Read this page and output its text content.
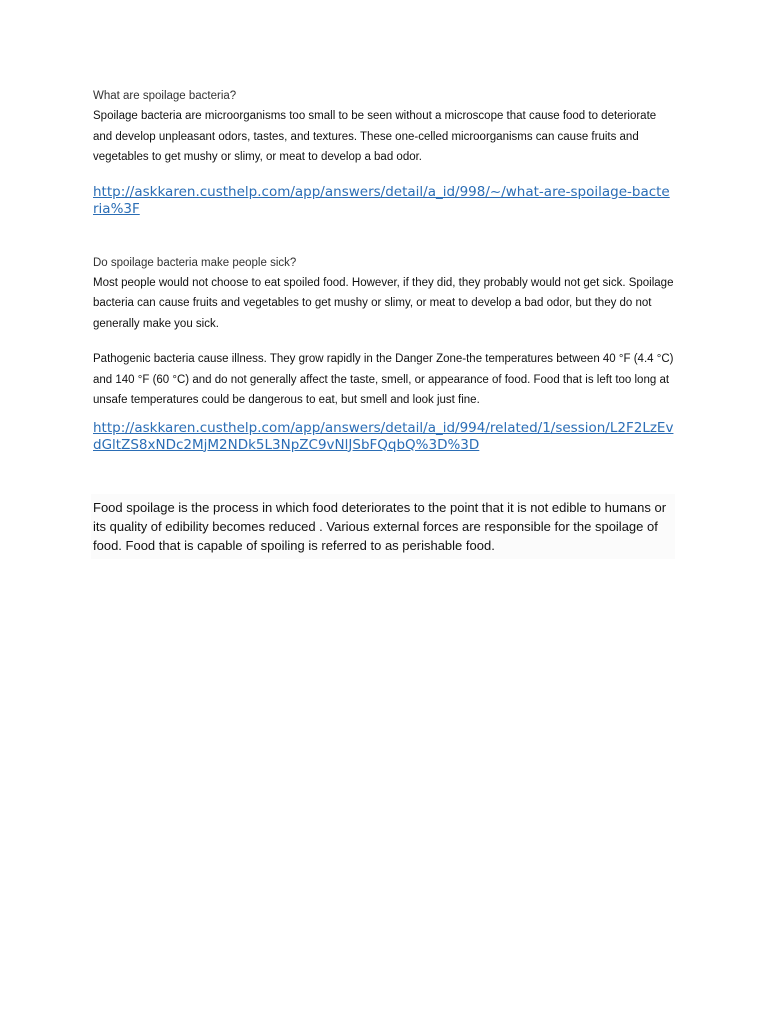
What are spoilage bacteria?

Spoilage bacteria are microorganisms too small to be seen without a microscope that cause food to deteriorate and develop unpleasant odors, tastes, and textures. These one-celled microorganisms can cause fruits and vegetables to get mushy or slimy, or meat to develop a bad odor.

http://askkaren.custhelp.com/app/answers/detail/a_id/998/~/what-are-spoilage-bacteria%3F

Do spoilage bacteria make people sick?

Most people would not choose to eat spoiled food. However, if they did, they probably would not get sick. Spoilage bacteria can cause fruits and vegetables to get mushy or slimy, or meat to develop a bad odor, but they do not generally make you sick.

Pathogenic bacteria cause illness. They grow rapidly in the Danger Zone-the temperatures between 40 °F (4.4 °C) and 140 °F (60 °C) and do not generally affect the taste, smell, or appearance of food. Food that is left too long at unsafe temperatures could be dangerous to eat, but smell and look just fine.

http://askkaren.custhelp.com/app/answers/detail/a_id/994/related/1/session/L2F2LzEvdGltZS8xNDc2MjM2NDk5L3NpZC9vNlJSbFQqbQ%3D%3D

Food spoilage is the process in which food deteriorates to the point that it is not edible to humans or its quality of edibility becomes reduced . Various external forces are responsible for the spoilage of food. Food that is capable of spoiling is referred to as perishable food.
